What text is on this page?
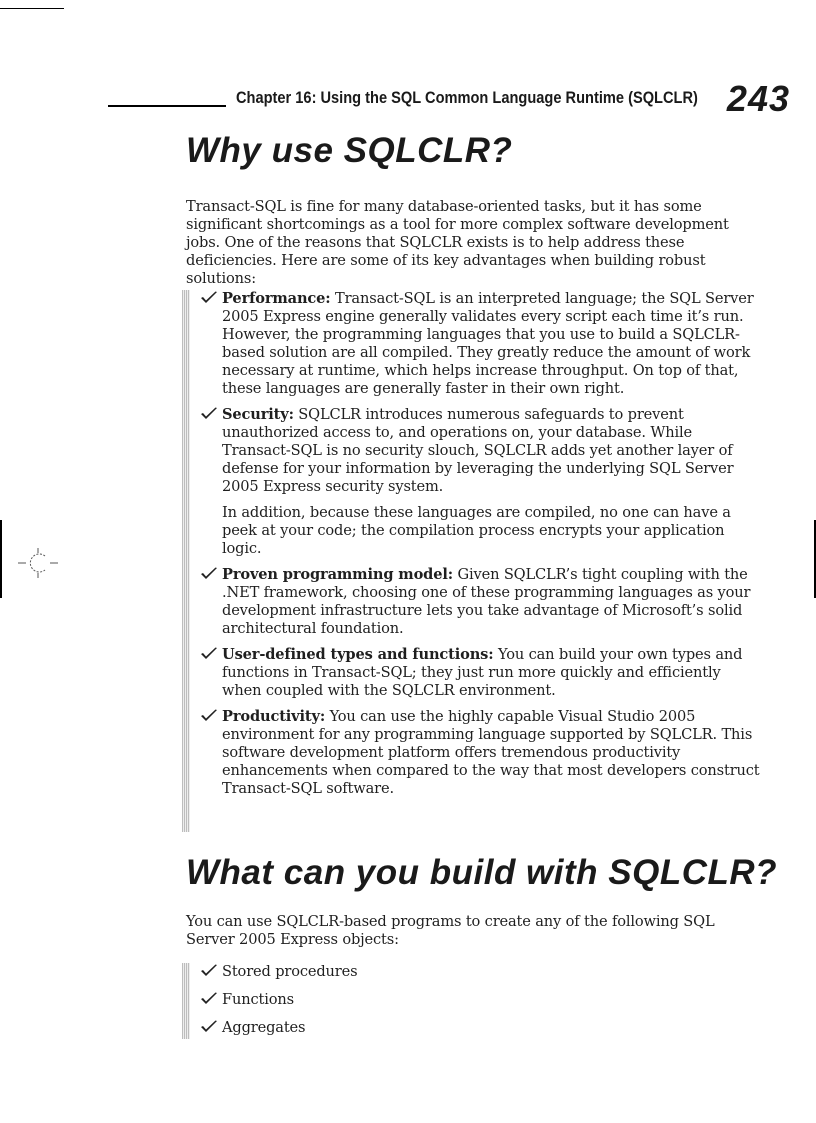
Chapter 16: Using the SQL Common Language Runtime (SQLCLR) 243
Why use SQLCLR?

Transact-SQL is fine for many database-oriented tasks, but it has some significant shortcomings as a tool for more complex software development jobs. One of the reasons that SQLCLR exists is to help address these deficiencies. Here are some of its key advantages when building robust solutions:

Performance: Transact-SQL is an interpreted language; the SQL Server 2005 Express engine generally validates every script each time it’s run. However, the programming languages that you use to build a SQLCLR-based solution are all compiled. They greatly reduce the amount of work necessary at runtime, which helps increase throughput. On top of that, these languages are generally faster in their own right.
Security: SQLCLR introduces numerous safeguards to prevent unauthorized access to, and operations on, your database. While Transact-SQL is no security slouch, SQLCLR adds yet another layer of defense for your information by leveraging the underlying SQL Server 2005 Express security system.
In addition, because these languages are compiled, no one can have a peek at your code; the compilation process encrypts your application logic.
Proven programming model: Given SQLCLR’s tight coupling with the .NET framework, choosing one of these programming languages as your development infrastructure lets you take advantage of Microsoft’s solid architectural foundation.
User-defined types and functions: You can build your own types and functions in Transact-SQL; they just run more quickly and efficiently when coupled with the SQLCLR environment.
Productivity: You can use the highly capable Visual Studio 2005 environment for any programming language supported by SQLCLR. This software development platform offers tremendous productivity enhancements when compared to the way that most developers construct Transact-SQL software.
What can you build with SQLCLR?

You can use SQLCLR-based programs to create any of the following SQL Server 2005 Express objects:

Stored procedures
Functions
Aggregates
